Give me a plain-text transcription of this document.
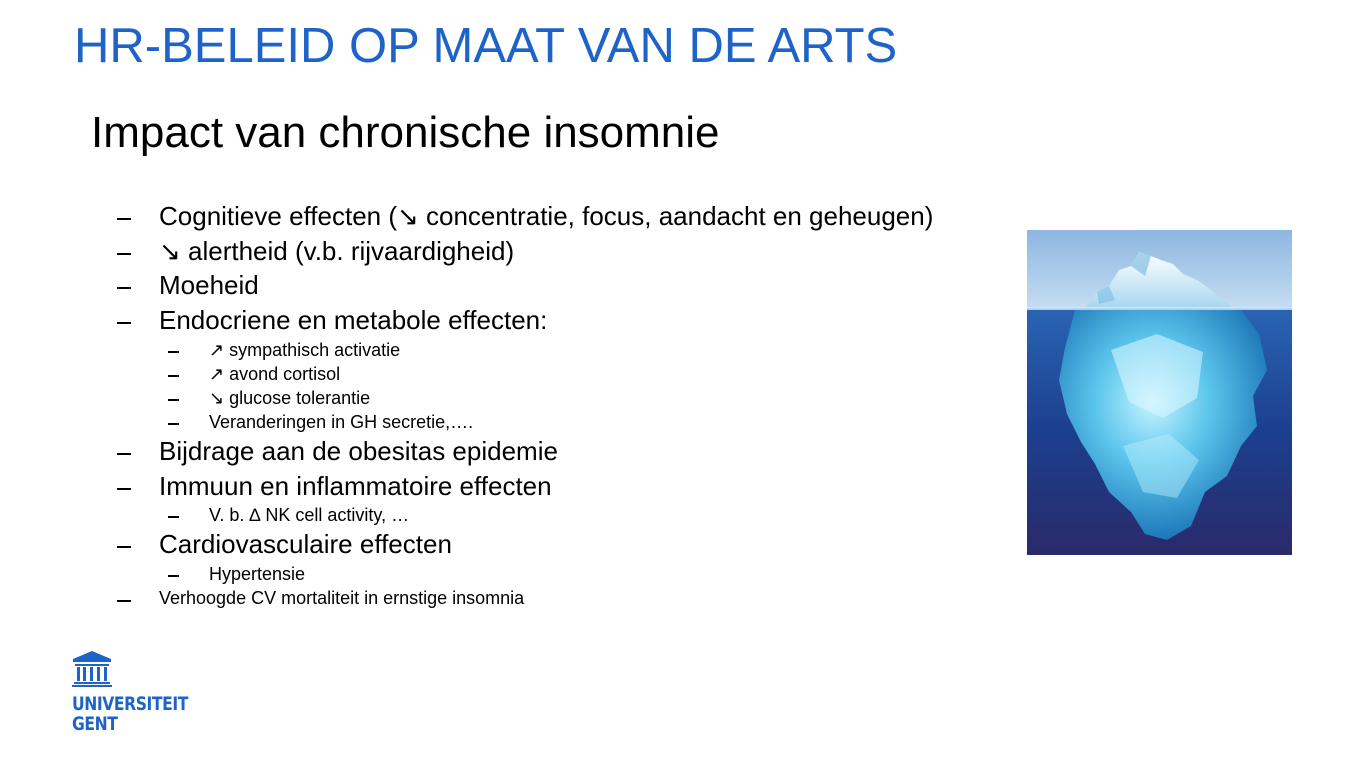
HR-BELEID OP MAAT VAN DE ARTS
Impact van chronische insomnie
Cognitieve effecten (↘ concentratie, focus, aandacht en geheugen)
↘ alertheid (v.b. rijvaardigheid)
Moeheid
Endocriene en metabole effecten:
↗ sympathisch activatie
↗ avond cortisol
↘ glucose tolerantie
Veranderingen in GH secretie,….
Bijdrage aan de obesitas epidemie
Immuun en inflammatoire effecten
V. b. ∆ NK cell activity, …
Cardiovasculaire effecten
Hypertensie
Verhoogde CV mortaliteit in ernstige insomnia
UNIVERSITEIT
GENT
